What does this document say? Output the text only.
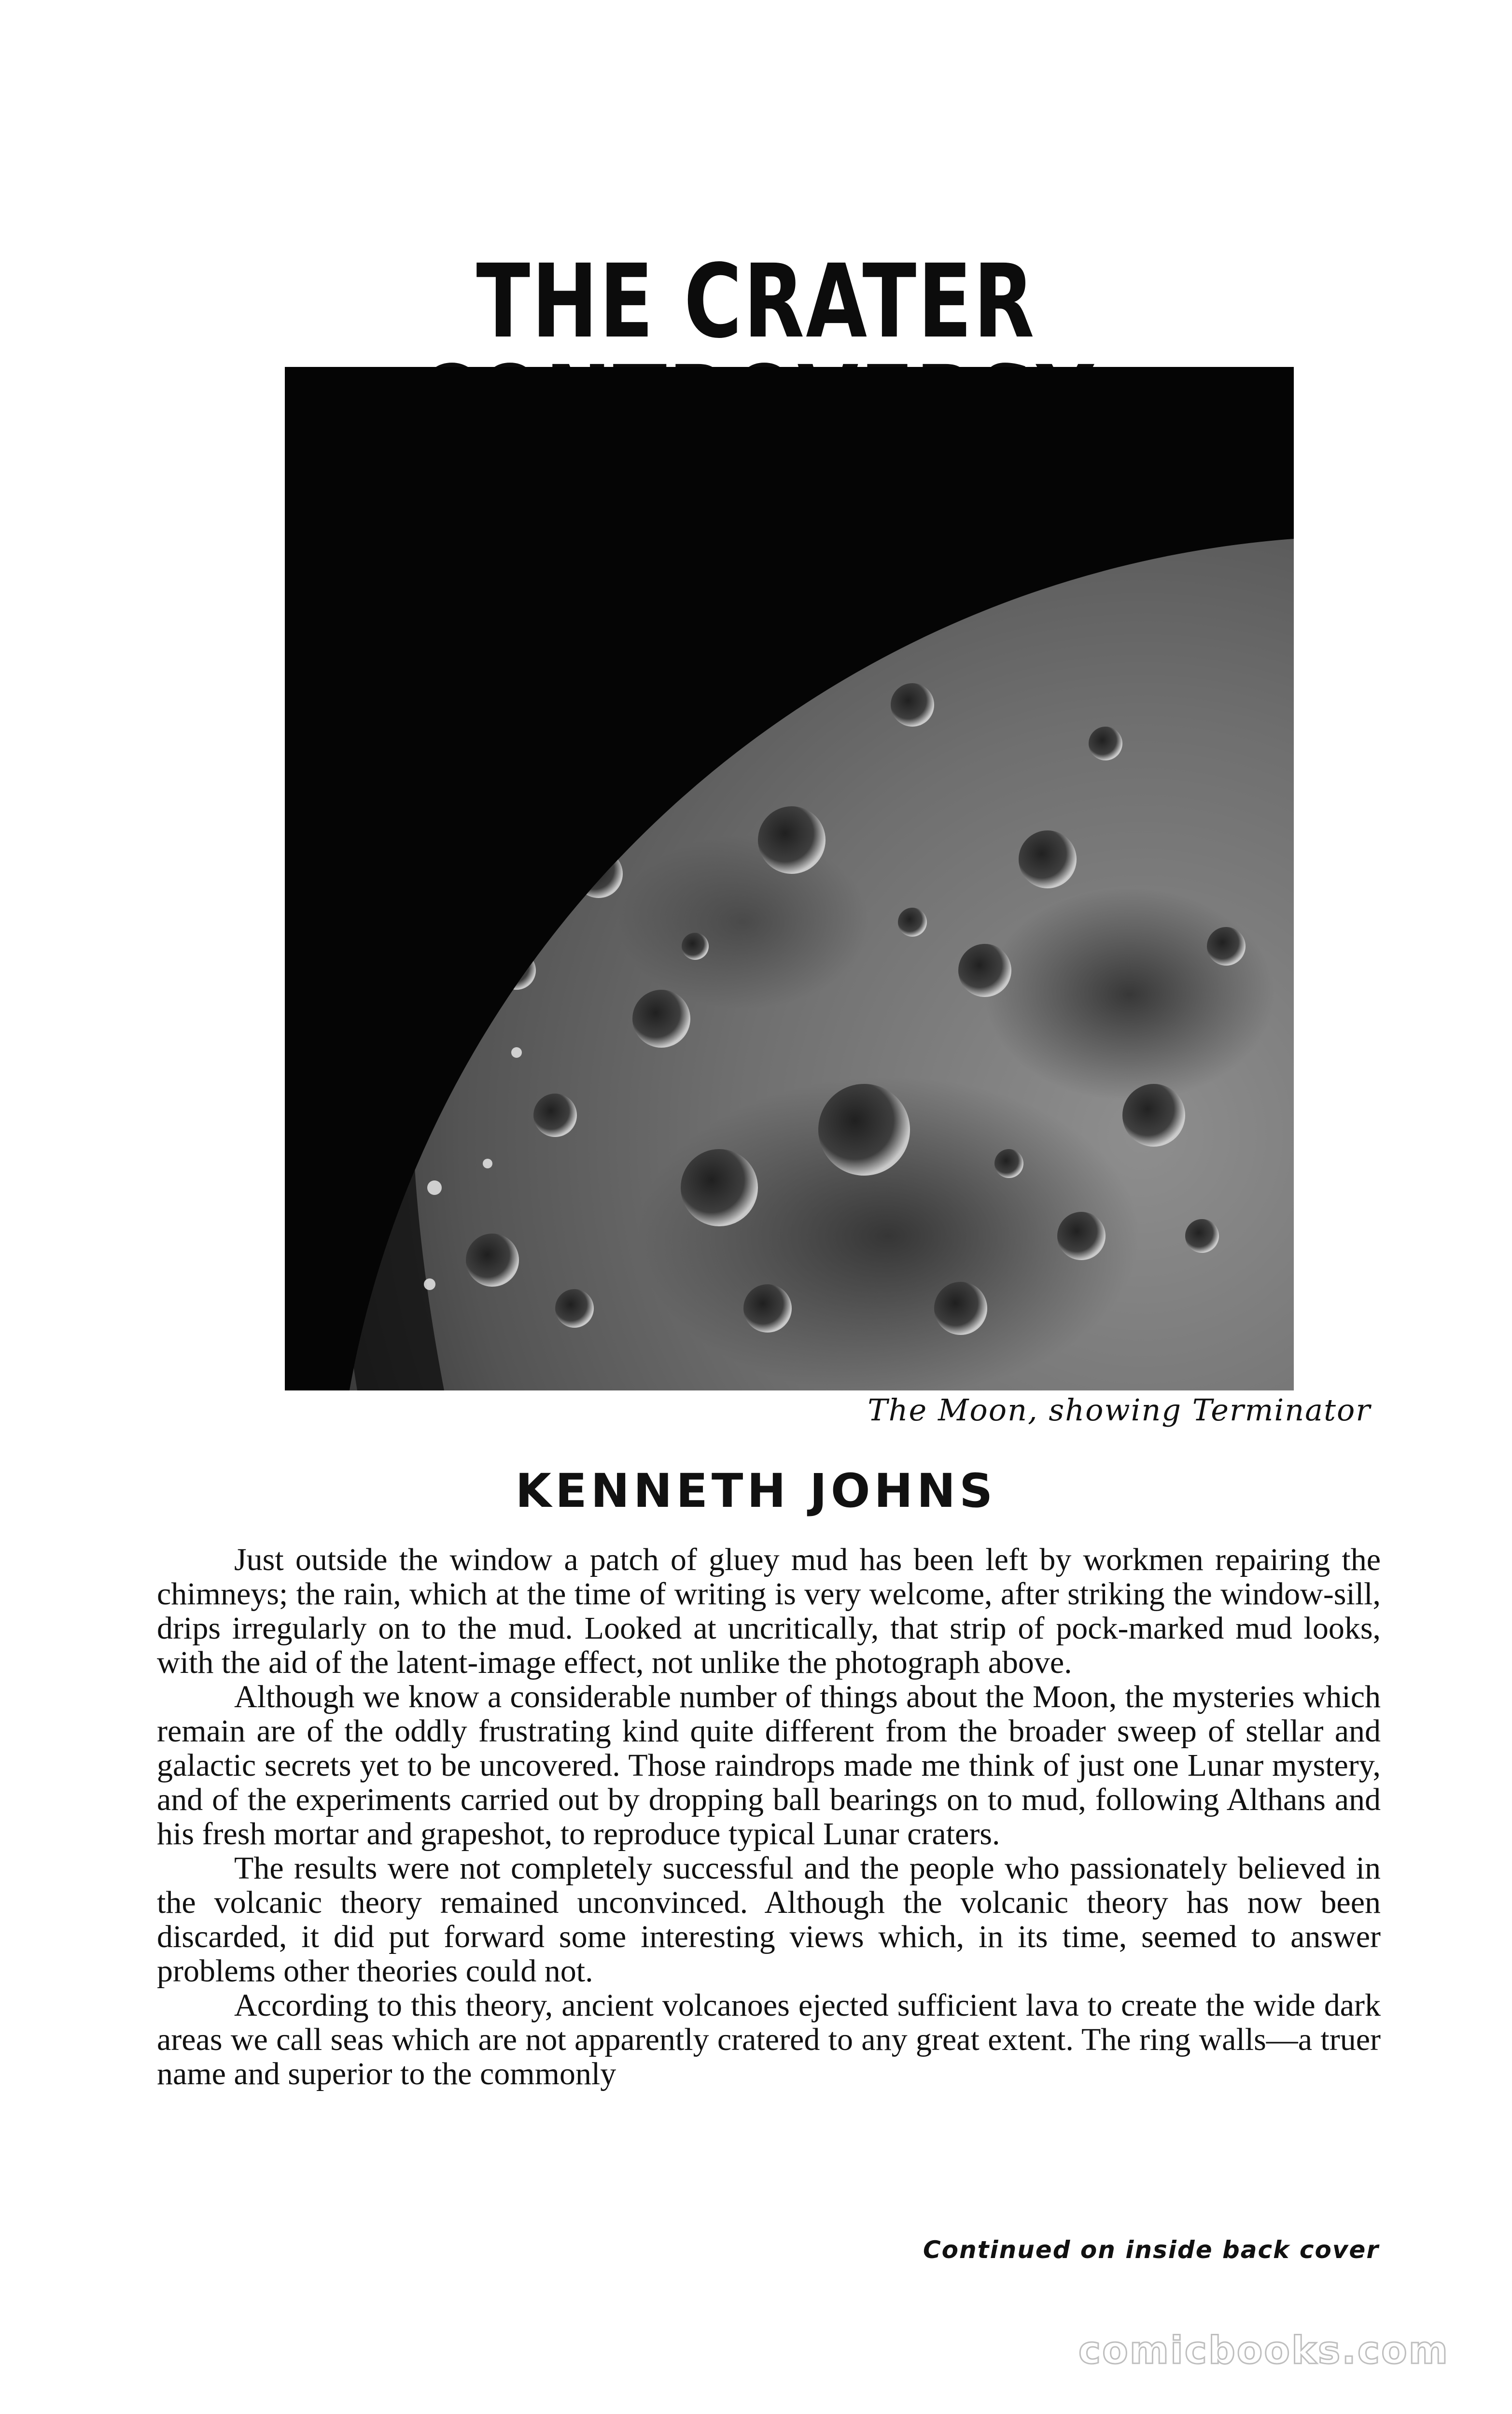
THE CRATER

The Moon, showing Terminator

KENNETH JOHNS

Just outside the window a patch of gluey mud has been left by workmen repairing the chimneys; the rain, which at the time of writing is very welcome, after striking the window-sill, drips irregularly on to the mud. Looked at uncritically, that strip of pock-marked mud looks, with the aid of the latent-image effect, not unlike the photograph above.

Although we know a considerable number of things about the Moon, the mysteries which remain are of the oddly frustrating kind quite different from the broader sweep of stellar and galactic secrets yet to be uncovered. Those raindrops made me think of just one Lunar mystery, and of the experiments carried out by dropping ball bearings on to mud, following Althans and his fresh mortar and grapeshot, to reproduce typical Lunar craters.

The results were not completely successful and the people who passionately believed in the volcanic theory remained unconvinced. Although the volcanic theory has now been discarded, it did put forward some interesting views which, in its time, seemed to answer problems other theories could not.

According to this theory, ancient volcanoes ejected sufficient lava to create the wide dark areas we call seas which are not apparently cratered to any great extent. The ring walls—a truer name and superior to the commonly

Continued on inside back cover

comicbooks.com
